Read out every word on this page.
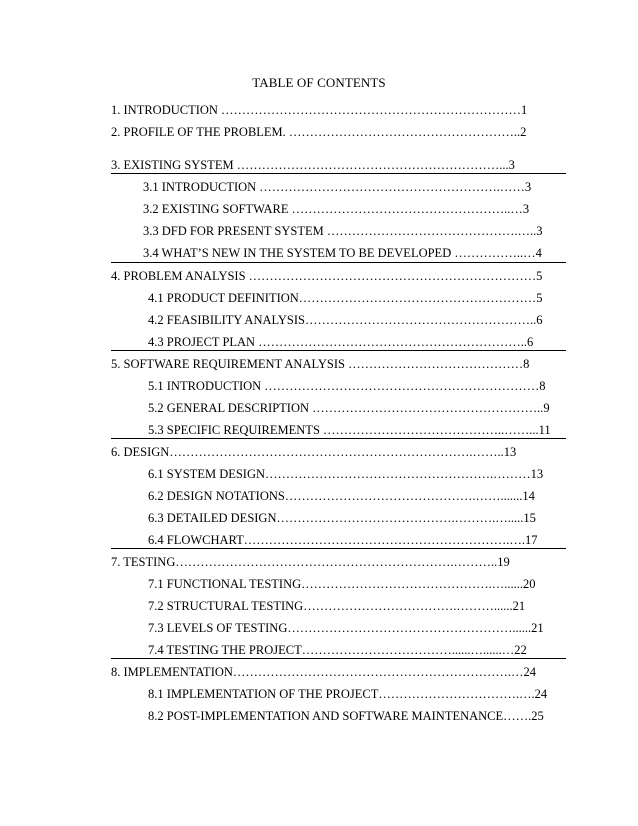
TABLE OF CONTENTS
1. INTRODUCTION ………………………………………………………………1
2. PROFILE OF THE PROBLEM. ………………………………………………..2
3. EXISTING SYSTEM ………………………………………………………...3
3.1 INTRODUCTION ………………………………………………….……3
3.2 EXISTING SOFTWARE ……………………………………………..…3
3.3 DFD FOR PRESENT SYSTEM ……………………………………….…..3
3.4 WHAT’S NEW IN THE SYSTEM TO BE DEVELOPED ……………..…4
4. PROBLEM ANALYSIS ……………………………………………………………5
4.1 PRODUCT DEFINITION…………………………………………………5
4.2 FEASIBILITY ANALYSIS………………………………………………..6
4.3 PROJECT PLAN ………………………………………………………..6
5. SOFTWARE REQUIREMENT ANALYSIS ……………………………………8
5.1 INTRODUCTION …………………………………………………………8
5.2 GENERAL DESCRIPTION ………………………………………………..9
5.3 SPECIFIC REQUIREMENTS ……………………………………..……...11
6. DESIGN……………………………………………………………….……..13
6.1 SYSTEM DESIGN……………………………………………….………13
6.2 DESIGN NOTATIONS……………………………………….…….......14
6.3 DETAILED DESIGN…………………………………….……….….....15
6.4 FLOWCHART……………………………………………………….….17
7. TESTING………………………………………………………….………..19
7.1 FUNCTIONAL TESTING……………………………………….…......20
7.2 STRUCTURAL TESTING……………………………….………......21
7.3 LEVELS OF TESTING………………………………………………......21
7.4 TESTING THE PROJECT………………………………......…......…22
8. IMPLEMENTATION………………………………………………………….…24
8.1 IMPLEMENTATION OF THE PROJECT…………………………….….24
8.2 POST-IMPLEMENTATION AND SOFTWARE MAINTENANCE…….25
